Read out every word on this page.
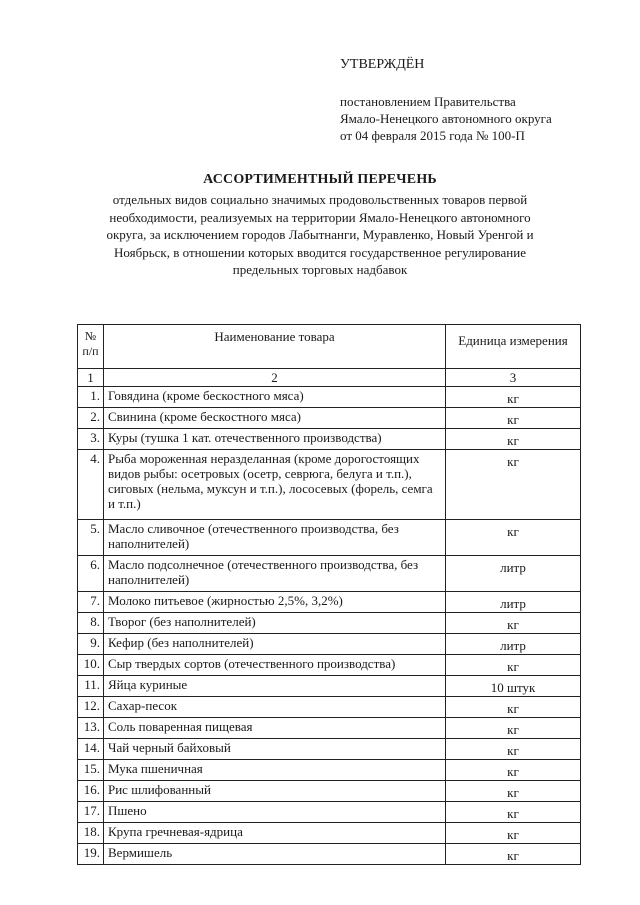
УТВЕРЖДЁН
постановлением Правительства
Ямало-Ненецкого автономного округа
от 04 февраля 2015 года № 100-П
АССОРТИМЕНТНЫЙ ПЕРЕЧЕНЬ
отдельных видов социально значимых продовольственных товаров первой необходимости, реализуемых на территории Ямало-Ненецкого автономного округа, за исключением городов Лабытнанги, Муравленко, Новый Уренгой и Ноябрьск, в отношении которых вводится государственное регулирование предельных торговых надбавок
№ п/п	Наименование товара	Единица измерения
1	2	3
1.	Говядина (кроме бескостного мяса)	кг
2.	Свинина (кроме бескостного мяса)	кг
3.	Куры (тушка 1 кат. отечественного производства)	кг
4.	Рыба мороженная неразделанная (кроме дорогостоящих видов рыбы: осетровых (осетр, севрюга, белуга и т.п.), сиговых (нельма, муксун и т.п.), лососевых (форель, семга и т.п.)	кг
5.	Масло сливочное (отечественного производства, без наполнителей)	кг
6.	Масло подсолнечное (отечественного производства, без наполнителей)	литр
7.	Молоко питьевое (жирностью 2,5%, 3,2%)	литр
8.	Творог (без наполнителей)	кг
9.	Кефир (без наполнителей)	литр
10.	Сыр твердых сортов (отечественного производства)	кг
11.	Яйца куриные	10 штук
12.	Сахар-песок	кг
13.	Соль поваренная пищевая	кг
14.	Чай черный байховый	кг
15.	Мука пшеничная	кг
16.	Рис шлифованный	кг
17.	Пшено	кг
18.	Крупа гречневая-ядрица	кг
19.	Вермишель	кг
